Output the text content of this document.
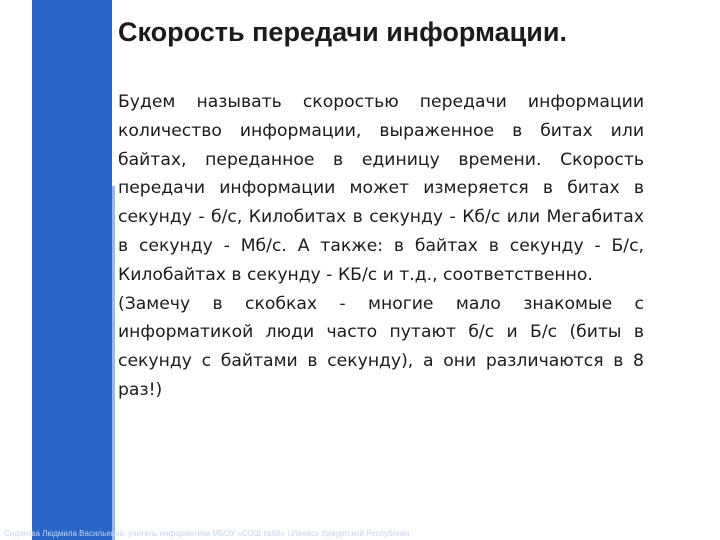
Скорость передачи информации.

Будем называть скоростью передачи информации количество информации, выраженное в битах или байтах, переданное в единицу времени. Скорость передачи информации может измеряется в битах в секунду - б/с, Килобитах в секунду - Кб/с или Мегабитах в секунду - Мб/с. А также: в байтах в секунду - Б/с, Килобайтах в секунду - КБ/с и т.д., соответственно.

(Замечу в скобках - многие мало знакомые с информатикой люди часто путают б/с и Б/с (биты в секунду с байтами в секунду), а они различаются в 8 раз!)

Сидякова Людмила Васильевна, учитель информатики МБОУ «СОШ №68» г.Ижевск Удмуртской Республики
